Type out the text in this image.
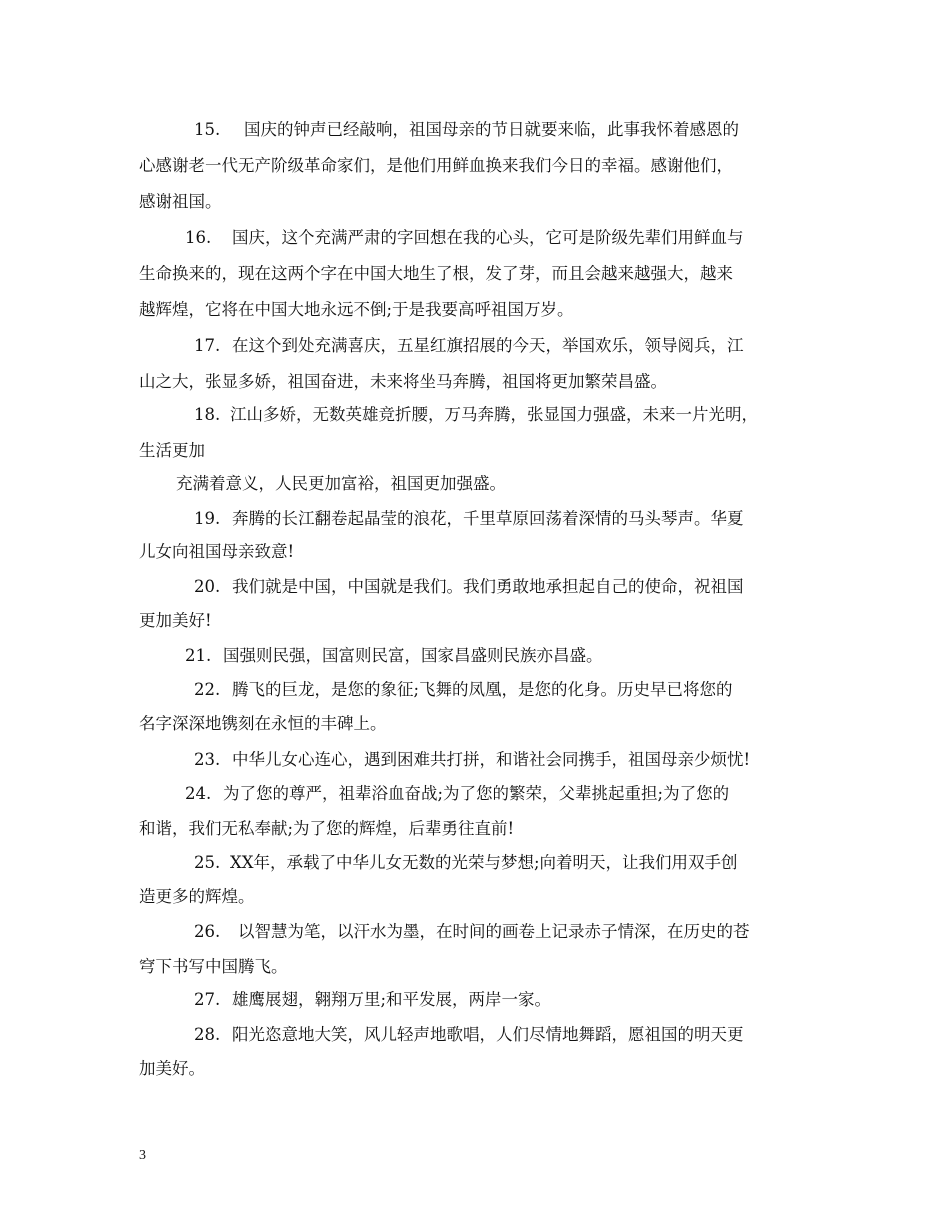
15. 国庆的钟声已经敲响，祖国母亲的节日就要来临，此事我怀着感恩的
心感谢老一代无产阶级革命家们，是他们用鲜血换来我们今日的幸福。感谢他们，
感谢祖国。
16. 国庆，这个充满严肃的字回想在我的心头，它可是阶级先辈们用鲜血与
生命换来的，现在这两个字在中国大地生了根，发了芽，而且会越来越强大，越来
越辉煌，它将在中国大地永远不倒;于是我要高呼祖国万岁。
17. 在这个到处充满喜庆，五星红旗招展的今天，举国欢乐，领导阅兵，江
山之大，张显多娇，祖国奋进，未来将坐马奔腾，祖国将更加繁荣昌盛。
18. 江山多娇，无数英雄竞折腰，万马奔腾，张显国力强盛，未来一片光明，
生活更加
充满着意义，人民更加富裕，祖国更加强盛。
19. 奔腾的长江翻卷起晶莹的浪花，千里草原回荡着深情的马头琴声。华夏
儿女向祖国母亲致意!
20. 我们就是中国，中国就是我们。我们勇敢地承担起自己的使命，祝祖国
更加美好!
21. 国强则民强，国富则民富，国家昌盛则民族亦昌盛。
22. 腾飞的巨龙，是您的象征;飞舞的凤凰，是您的化身。历史早已将您的
名字深深地镌刻在永恒的丰碑上。
23. 中华儿女心连心，遇到困难共打拼，和谐社会同携手，祖国母亲少烦忧!
24. 为了您的尊严，祖辈浴血奋战;为了您的繁荣，父辈挑起重担;为了您的
和谐，我们无私奉献;为了您的辉煌，后辈勇往直前!
25. XX年，承载了中华儿女无数的光荣与梦想;向着明天，让我们用双手创
造更多的辉煌。
26. 以智慧为笔，以汗水为墨，在时间的画卷上记录赤子情深，在历史的苍
穹下书写中国腾飞。
27. 雄鹰展翅，翱翔万里;和平发展，两岸一家。
28. 阳光恣意地大笑，风儿轻声地歌唱，人们尽情地舞蹈，愿祖国的明天更
加美好。
3
